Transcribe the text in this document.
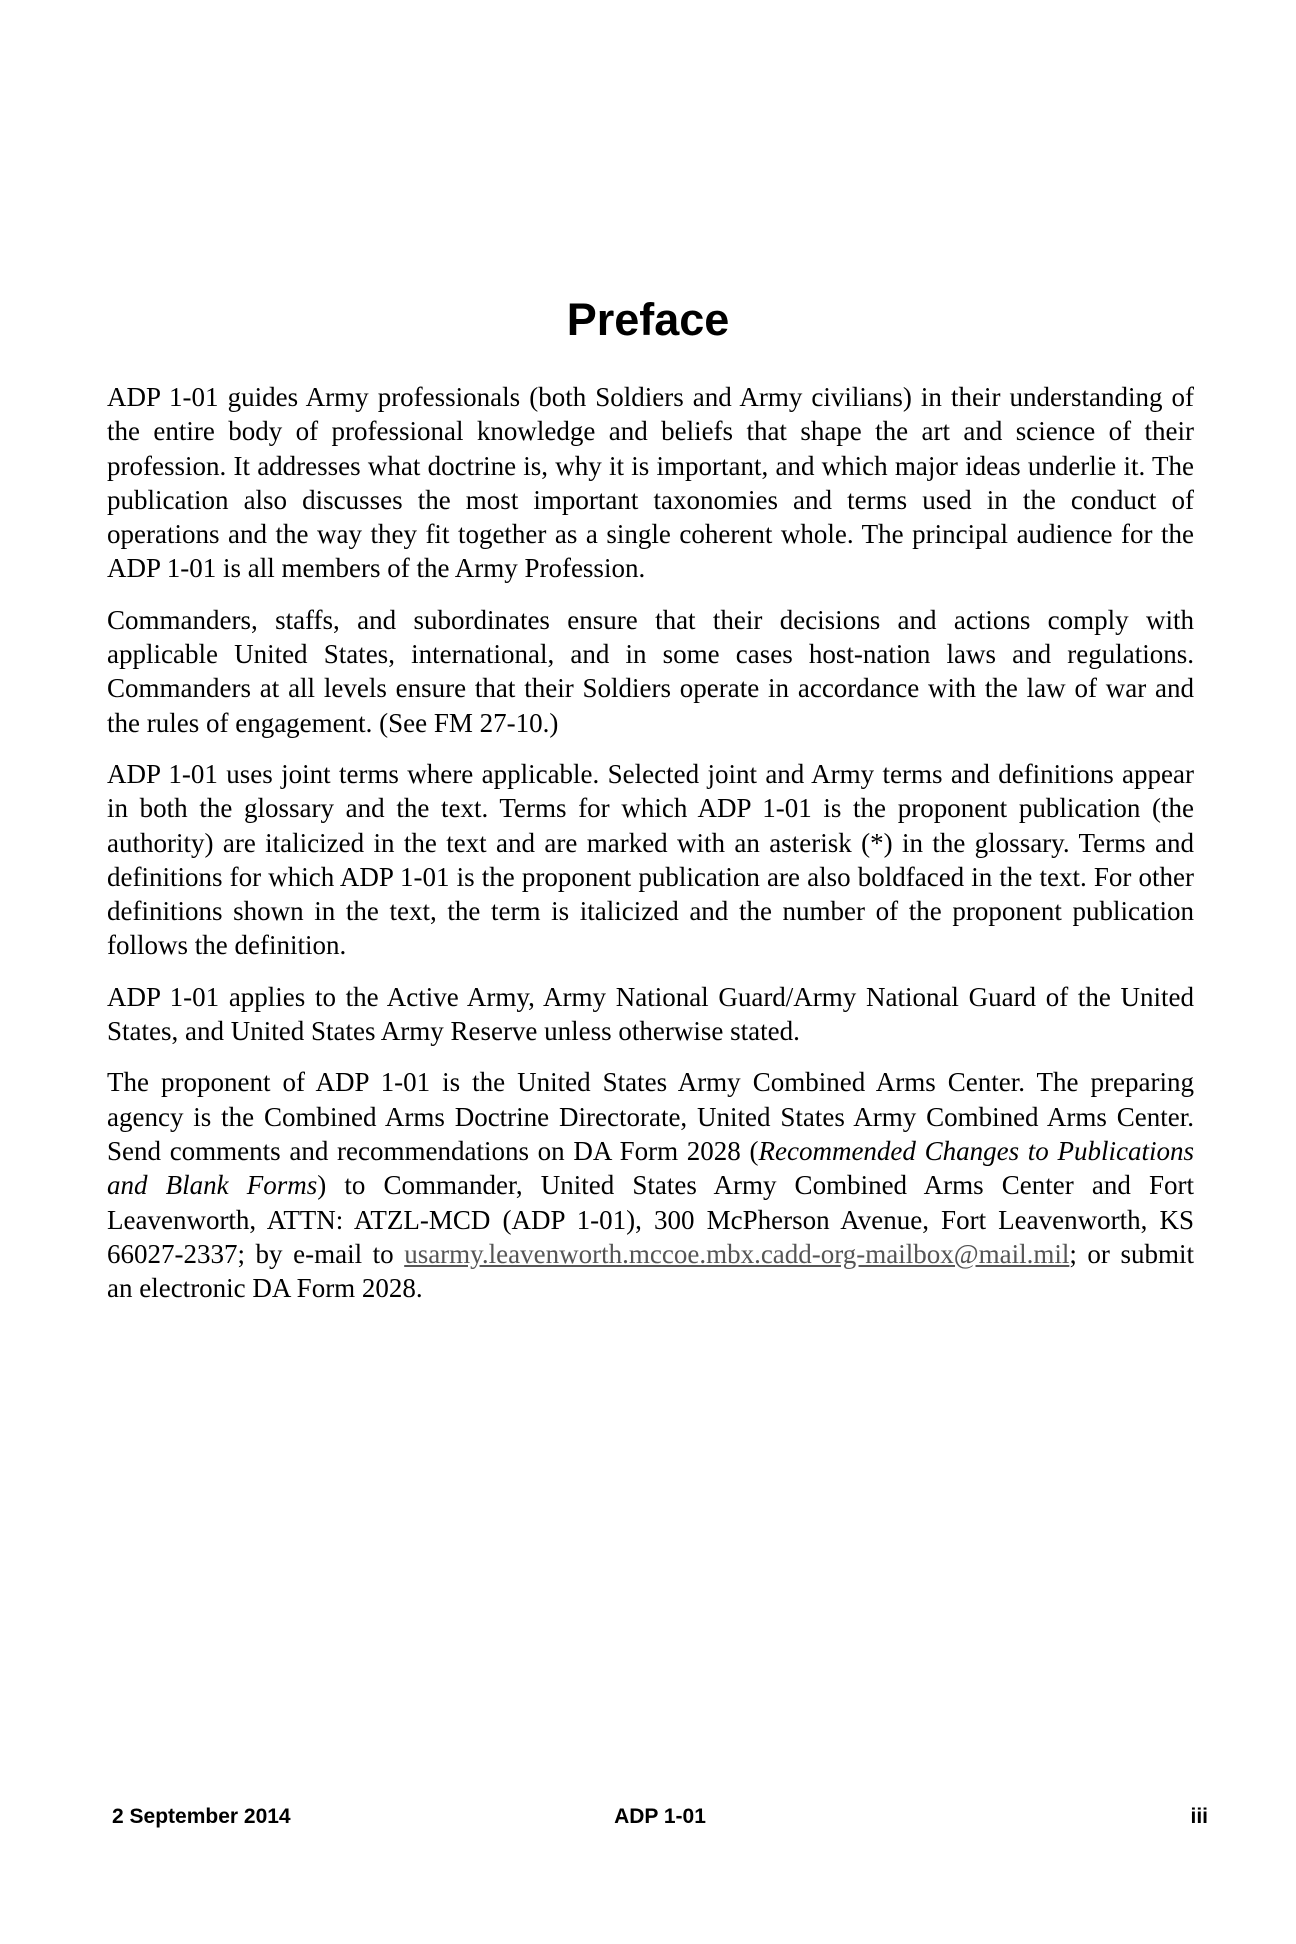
Preface

ADP 1-01 guides Army professionals (both Soldiers and Army civilians) in their understanding of the entire body of professional knowledge and beliefs that shape the art and science of their profession. It addresses what doctrine is, why it is important, and which major ideas underlie it. The publication also discusses the most important taxonomies and terms used in the conduct of operations and the way they fit together as a single coherent whole. The principal audience for the ADP 1-01 is all members of the Army Profession.

Commanders, staffs, and subordinates ensure that their decisions and actions comply with applicable United States, international, and in some cases host-nation laws and regulations. Commanders at all levels ensure that their Soldiers operate in accordance with the law of war and the rules of engagement. (See FM 27-10.)

ADP 1-01 uses joint terms where applicable. Selected joint and Army terms and definitions appear in both the glossary and the text. Terms for which ADP 1-01 is the proponent publication (the authority) are italicized in the text and are marked with an asterisk (*) in the glossary. Terms and definitions for which ADP 1-01 is the proponent publication are also boldfaced in the text. For other definitions shown in the text, the term is italicized and the number of the proponent publication follows the definition.

ADP 1-01 applies to the Active Army, Army National Guard/Army National Guard of the United States, and United States Army Reserve unless otherwise stated.

The proponent of ADP 1-01 is the United States Army Combined Arms Center. The preparing agency is the Combined Arms Doctrine Directorate, United States Army Combined Arms Center. Send comments and recommendations on DA Form 2028 (Recommended Changes to Publications and Blank Forms) to Commander, United States Army Combined Arms Center and Fort Leavenworth, ATTN: ATZL-MCD (ADP 1-01), 300 McPherson Avenue, Fort Leavenworth, KS 66027-2337; by e-mail to usarmy.leavenworth.mccoe.mbx.cadd-org-mailbox@mail.mil; or submit an electronic DA Form 2028.

2 September 2014	ADP 1-01	iii
